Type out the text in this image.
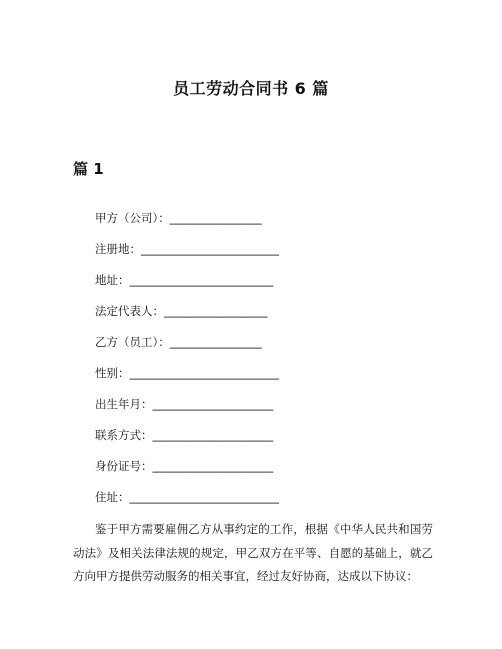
员工劳动合同书 6 篇
篇 1
甲方（公司）：________________
注册地：________________________
地址：_________________________
法定代表人：__________________
乙方（员工）：________________
性别：__________________________
出生年月：_____________________
联系方式：_____________________
身份证号：_____________________
住址：__________________________
鉴于甲方需要雇佣乙方从事约定的工作，根据《中华人民共和国劳动法》及相关法律法规的规定，甲乙双方在平等、自愿的基础上，就乙方向甲方提供劳动服务的相关事宜，经过友好协商，达成以下协议：
